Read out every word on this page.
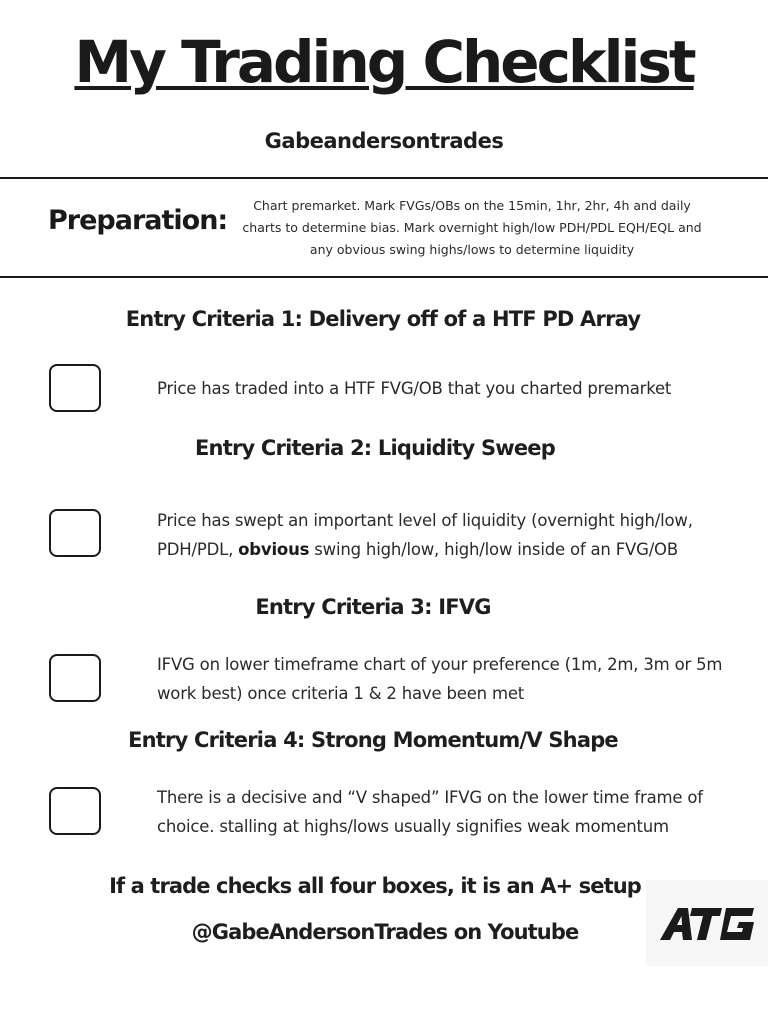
My Trading Checklist
Gabeandersontrades
Preparation:	Chart premarket. Mark FVGs/OBs on the 15min, 1hr, 2hr, 4h and daily charts to determine bias. Mark overnight high/low PDH/PDL EQH/EQL and any obvious swing highs/lows to determine liquidity
Entry Criteria 1: Delivery off of a HTF PD Array
Price has traded into a HTF FVG/OB that you charted premarket
Entry Criteria 2: Liquidity Sweep
Price has swept an important level of liquidity (overnight high/low, PDH/PDL, obvious swing high/low, high/low inside of an FVG/OB
Entry Criteria 3: IFVG
IFVG on lower timeframe chart of your preference (1m, 2m, 3m or 5m work best) once criteria 1 & 2 have been met
Entry Criteria 4: Strong Momentum/V Shape
There is a decisive and “V shaped” IFVG on the lower time frame of choice. stalling at highs/lows usually signifies weak momentum
If a trade checks all four boxes, it is an A+ setup
@GabeAndersonTrades on Youtube
